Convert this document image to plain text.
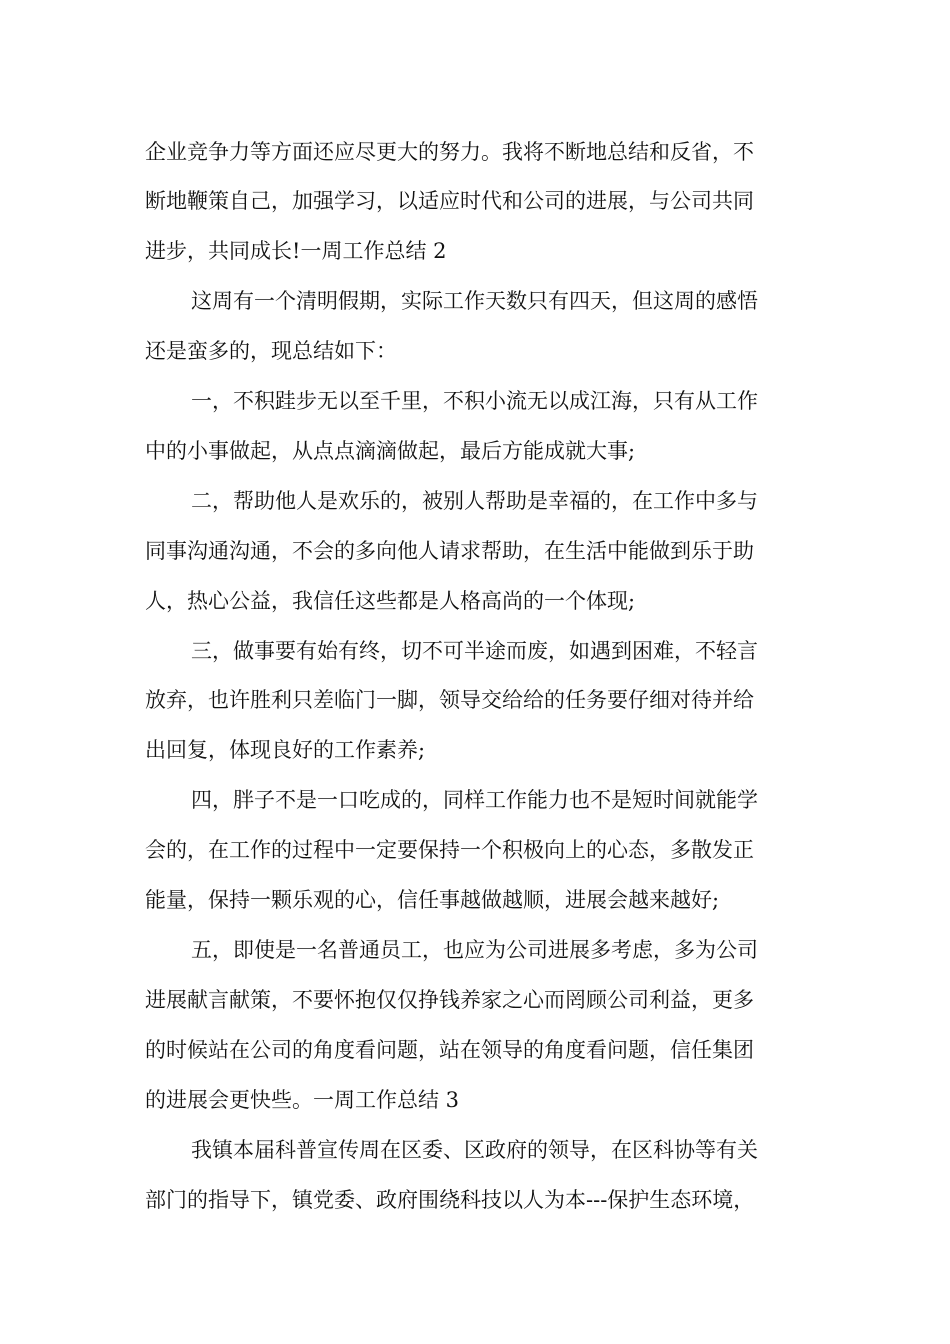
企业竞争力等方面还应尽更大的努力。我将不断地总结和反省，不

断地鞭策自己，加强学习，以适应时代和公司的进展，与公司共同

进步，共同成长!一周工作总结 2

这周有一个清明假期，实际工作天数只有四天，但这周的感悟

还是蛮多的，现总结如下：

一，不积跬步无以至千里，不积小流无以成江海，只有从工作

中的小事做起，从点点滴滴做起，最后方能成就大事;

二，帮助他人是欢乐的，被别人帮助是幸福的，在工作中多与

同事沟通沟通，不会的多向他人请求帮助，在生活中能做到乐于助

人，热心公益，我信任这些都是人格高尚的一个体现;

三，做事要有始有终，切不可半途而废，如遇到困难，不轻言

放弃，也许胜利只差临门一脚，领导交给给的任务要仔细对待并给

出回复，体现良好的工作素养;

四，胖子不是一口吃成的，同样工作能力也不是短时间就能学

会的，在工作的过程中一定要保持一个积极向上的心态，多散发正

能量，保持一颗乐观的心，信任事越做越顺，进展会越来越好;

五，即使是一名普通员工，也应为公司进展多考虑，多为公司

进展献言献策，不要怀抱仅仅挣钱养家之心而罔顾公司利益，更多

的时候站在公司的角度看问题，站在领导的角度看问题，信任集团

的进展会更快些。一周工作总结 3

我镇本届科普宣传周在区委、区政府的领导，在区科协等有关

部门的指导下，镇党委、政府围绕科技以人为本---保护生态环境，
